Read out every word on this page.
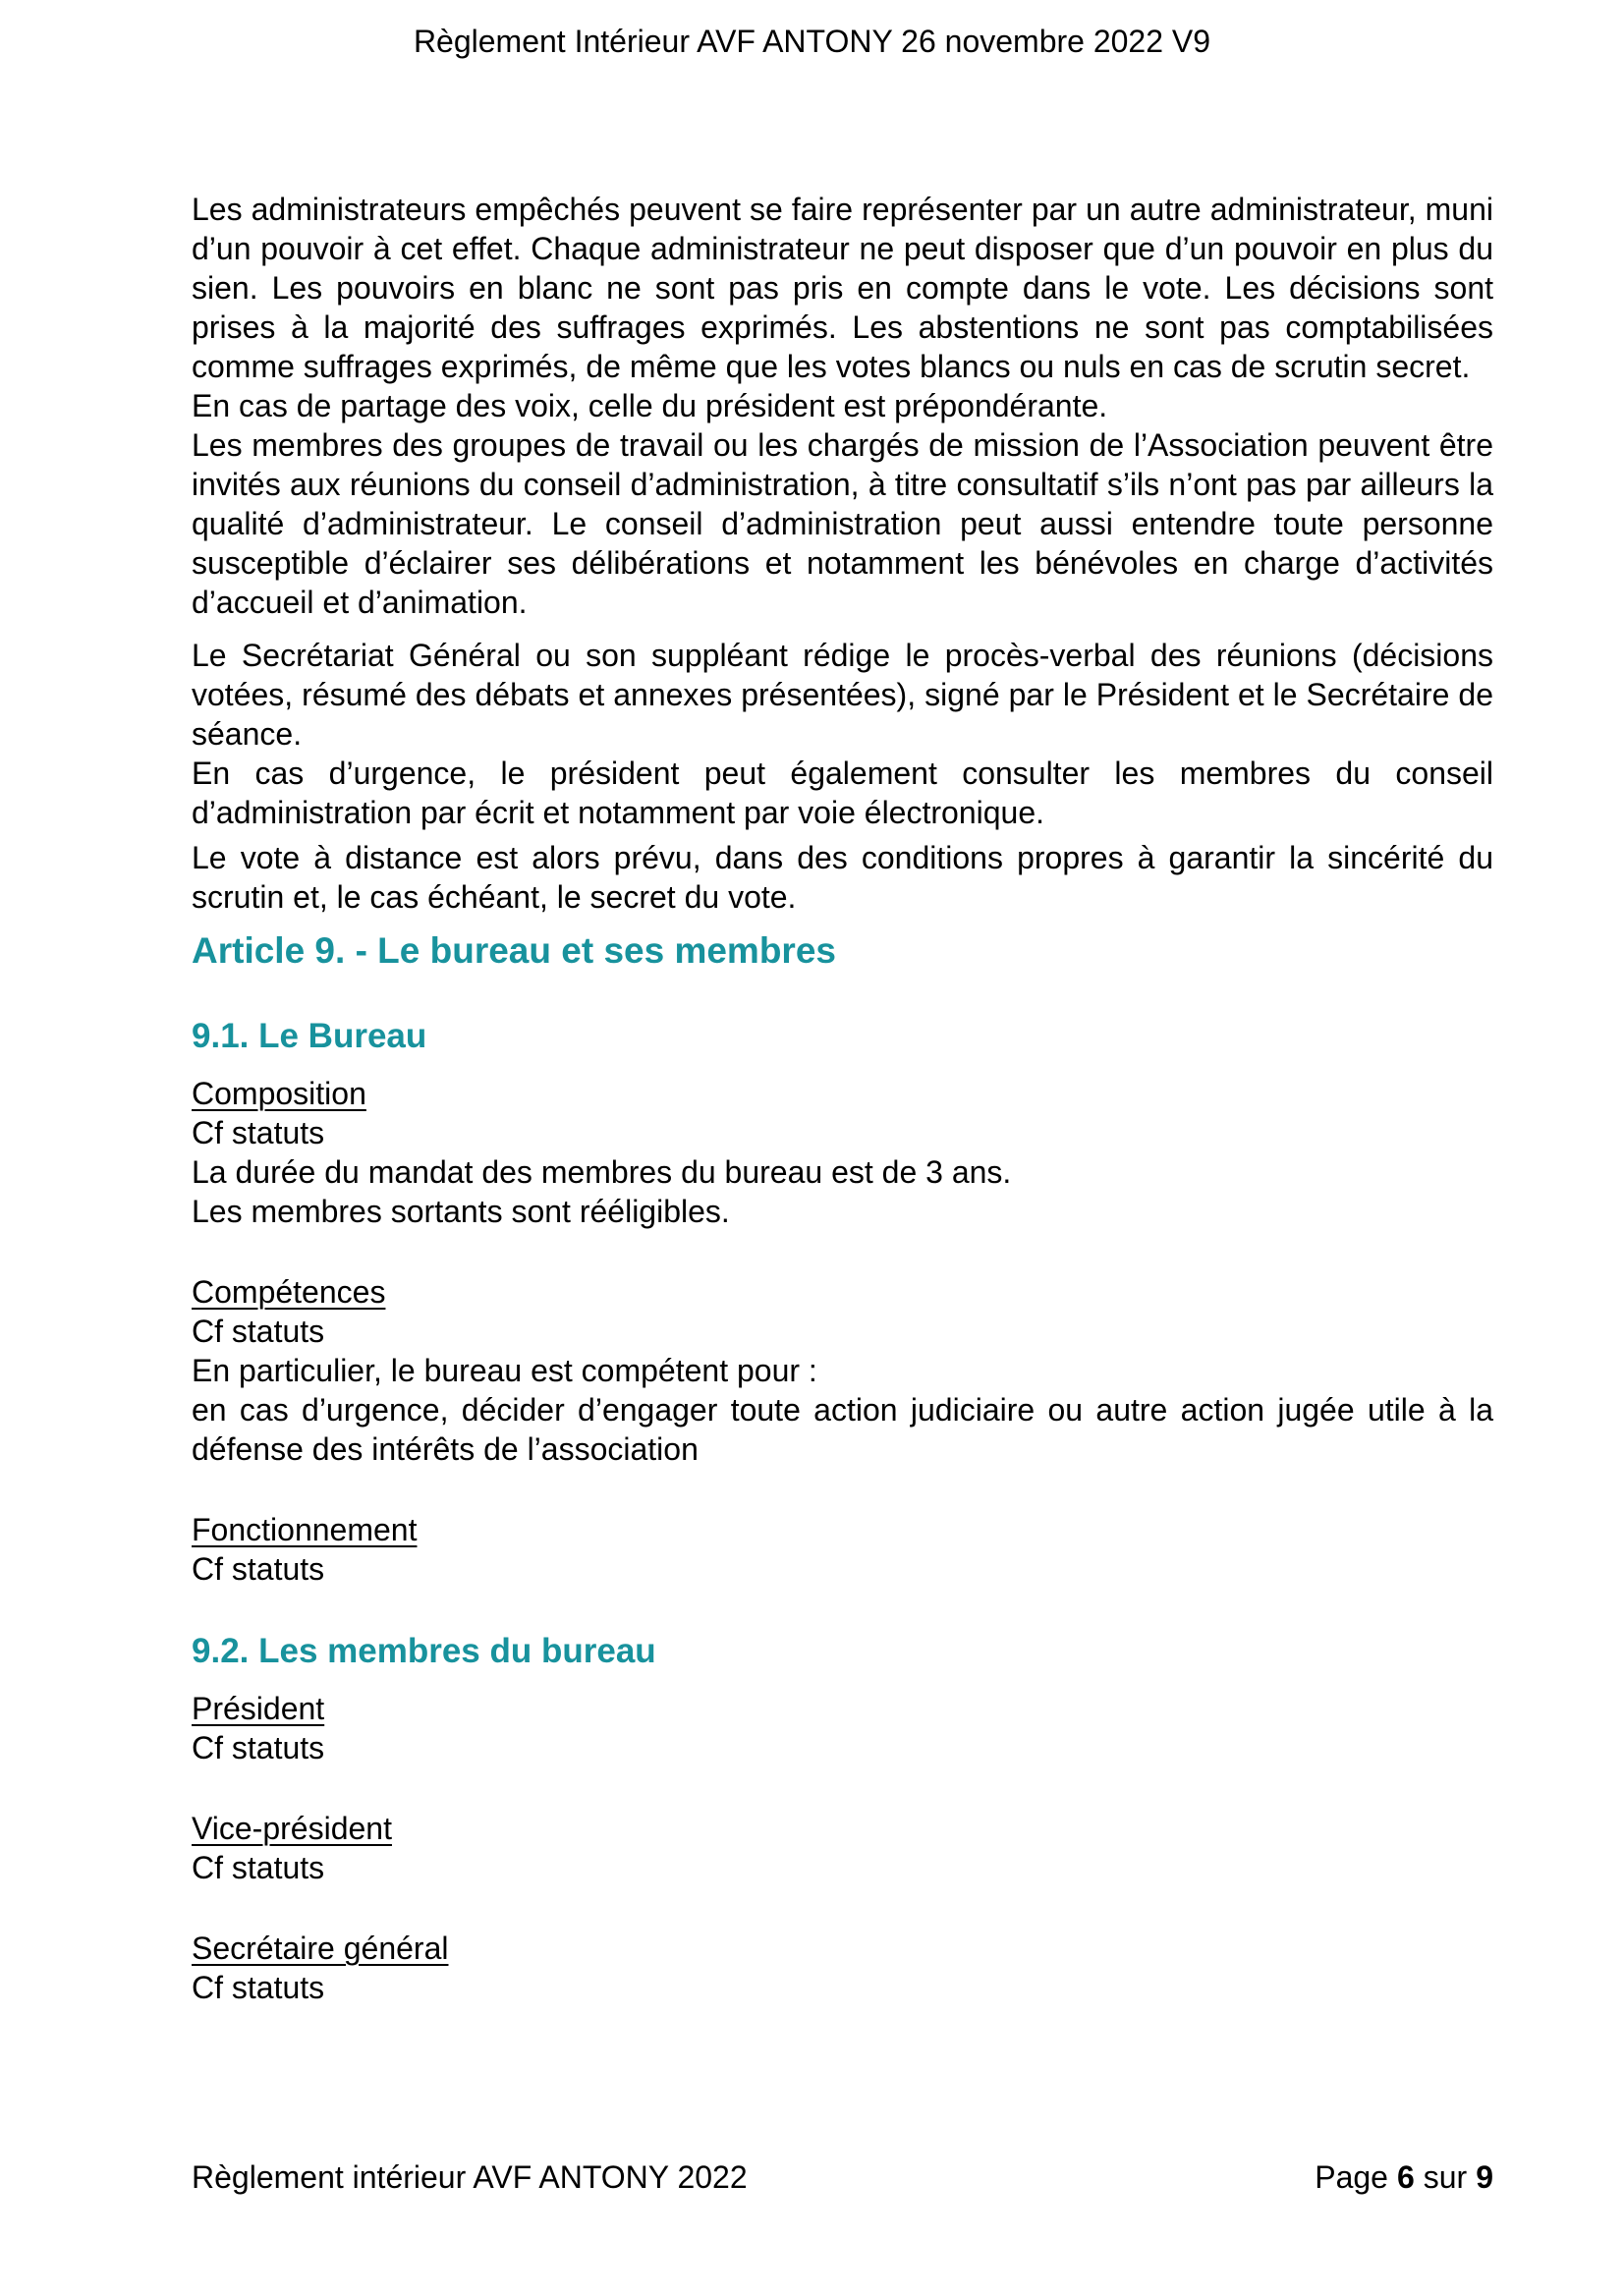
Règlement Intérieur AVF ANTONY 26 novembre 2022 V9
Les administrateurs empêchés peuvent se faire représenter par un autre administrateur, muni d’un pouvoir à cet effet. Chaque administrateur ne peut disposer que d’un pouvoir en plus du sien. Les pouvoirs en blanc ne sont pas pris en compte dans le vote. Les décisions sont prises à la majorité des suffrages exprimés. Les abstentions ne sont pas comptabilisées comme suffrages exprimés, de même que les votes blancs ou nuls en cas de scrutin secret.
En cas de partage des voix, celle du président est prépondérante.
Les membres des groupes de travail ou les chargés de mission de l’Association peuvent être invités aux réunions du conseil d’administration, à titre consultatif s’ils n’ont pas par ailleurs la qualité d’administrateur. Le conseil d’administration peut aussi entendre toute personne susceptible d’éclairer ses délibérations et notamment les bénévoles en charge d’activités d’accueil et d’animation.
Le Secrétariat Général ou son suppléant rédige le procès-verbal des réunions (décisions votées, résumé des débats et annexes présentées), signé par le Président et le Secrétaire de séance.
En cas d’urgence, le président peut également consulter les membres du conseil d’administration par écrit et notamment par voie électronique.
Le vote à distance est alors prévu, dans des conditions propres à garantir la sincérité du scrutin et, le cas échéant, le secret du vote.
Article 9. - Le bureau et ses membres
9.1. Le Bureau
Composition
Cf statuts
La durée du mandat des membres du bureau est de 3 ans.
Les membres sortants sont rééligibles.
Compétences
Cf statuts
En particulier, le bureau est compétent pour :
en cas d’urgence, décider d’engager toute action judiciaire ou autre action jugée utile à la défense des intérêts de l’association
Fonctionnement
Cf statuts
9.2. Les membres du bureau
Président
Cf statuts
Vice-président
Cf statuts
Secrétaire général
Cf statuts
Règlement intérieur AVF ANTONY 2022	Page 6 sur 9
